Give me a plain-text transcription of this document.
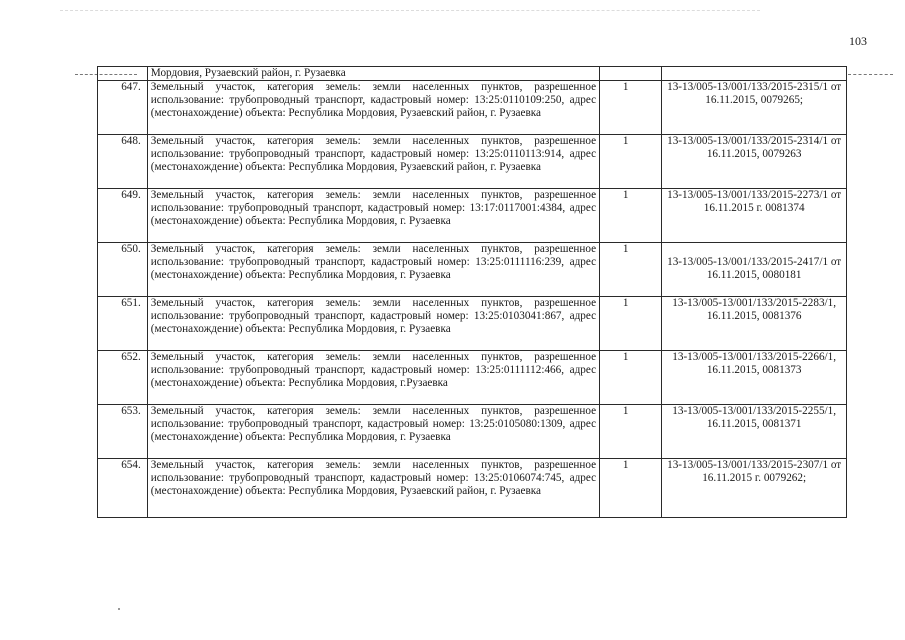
103
	Мордовия, Рузаевский район, г. Рузаевка		
647.	Земельный участок, категория земель: земли населенных пунктов, разрешенное использование: трубопроводный транспорт, кадастровый номер: 13:25:0110109:250, адрес (местонахождение) объекта: Республика Мордовия, Рузаевский район, г. Рузаевка	1	13-13/005-13/001/133/2015-2315/1 от 16.11.2015, 0079265;
648.	Земельный участок, категория земель: земли населенных пунктов, разрешенное использование: трубопроводный транспорт, кадастровый номер: 13:25:0110113:914, адрес (местонахождение) объекта: Республика Мордовия, Рузаевский район, г. Рузаевка	1	13-13/005-13/001/133/2015-2314/1 от 16.11.2015, 0079263
649.	Земельный участок, категория земель: земли населенных пунктов, разрешенное использование: трубопроводный транспорт, кадастровый номер: 13:17:0117001:4384, адрес (местонахождение) объекта: Республика Мордовия, г. Рузаевка	1	13-13/005-13/001/133/2015-2273/1 от 16.11.2015 г. 0081374
650.	Земельный участок, категория земель: земли населенных пунктов, разрешенное использование: трубопроводный транспорт, кадастровый номер: 13:25:0111116:239, адрес (местонахождение) объекта: Республика Мордовия, г. Рузаевка	1	13-13/005-13/001/133/2015-2417/1 от 16.11.2015, 0080181

651.	Земельный участок, категория земель: земли населенных пунктов, разрешенное использование: трубопроводный транспорт, кадастровый номер: 13:25:0103041:867, адрес (местонахождение) объекта: Республика Мордовия, г. Рузаевка	1	13-13/005-13/001/133/2015-2283/1, 16.11.2015, 0081376
652.	Земельный участок, категория земель: земли населенных пунктов, разрешенное использование: трубопроводный транспорт, кадастровый номер: 13:25:0111112:466, адрес (местонахождение) объекта: Республика Мордовия, г.Рузаевка	1	13-13/005-13/001/133/2015-2266/1, 16.11.2015, 0081373
653.	Земельный участок, категория земель: земли населенных пунктов, разрешенное использование: трубопроводный транспорт, кадастровый номер: 13:25:0105080:1309, адрес (местонахождение) объекта: Республика Мордовия, г. Рузаевка	1	13-13/005-13/001/133/2015-2255/1, 16.11.2015, 0081371
654.	Земельный участок, категория земель: земли населенных пунктов, разрешенное использование: трубопроводный транспорт, кадастровый номер: 13:25:0106074:745, адрес (местонахождение) объекта: Республика Мордовия, Рузаевский район, г. Рузаевка	1	13-13/005-13/001/133/2015-2307/1 от 16.11.2015 г. 0079262;
